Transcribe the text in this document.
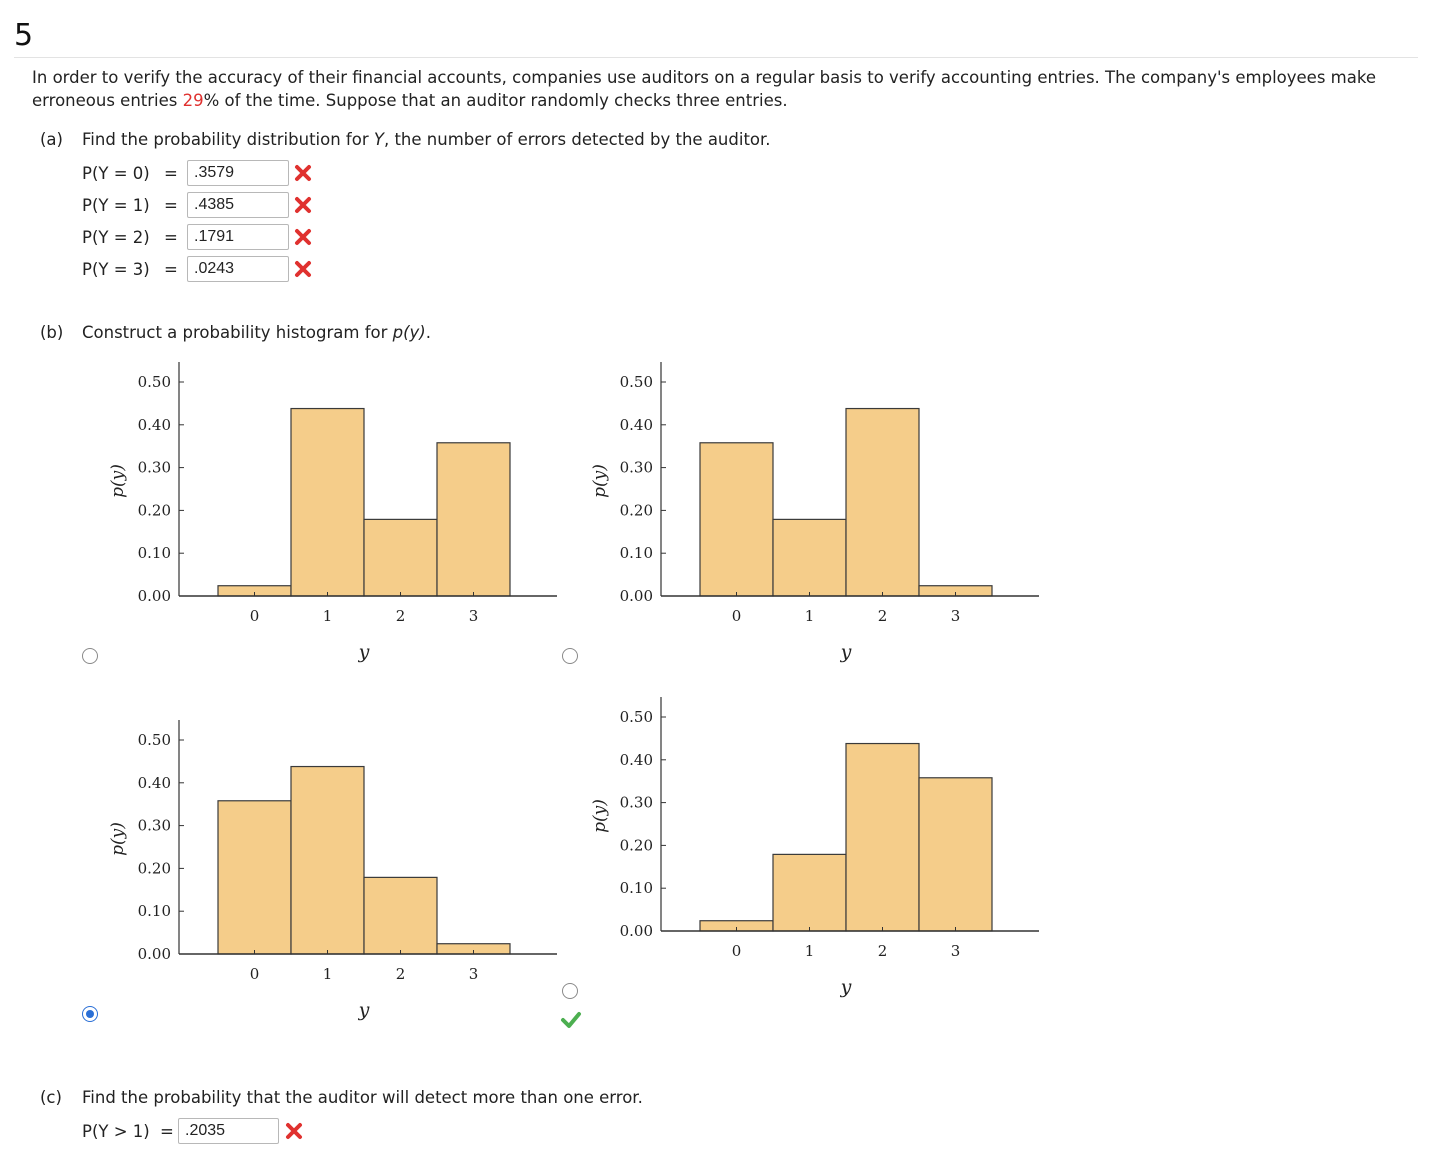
5
In order to verify the accuracy of their financial accounts, companies use auditors on a regular basis to verify accounting entries. The company's employees make erroneous entries 29% of the time. Suppose that an auditor randomly checks three entries.
(a) Find the probability distribution for Y, the number of errors detected by the auditor.
P(Y = 0) =
.3579
P(Y = 1) =
.4385
P(Y = 2) =
.1791
P(Y = 3) =
.0243
(b) Construct a probability histogram for p(y).
0.00
0.10
0.20
0.30
0.40
0.50
0	1	2	3
y
p(y)
0.00
0.10
0.20
0.30
0.40
0.50
0	1	2	3
y
p(y)
0.00
0.10
0.20
0.30
0.40
0.50
0	1	2	3
y
p(y)
0.00
0.10
0.20
0.30
0.40
0.50
0	1	2	3
y
p(y)
(c) Find the probability that the auditor will detect more than one error.
P(Y > 1) =
.2035
